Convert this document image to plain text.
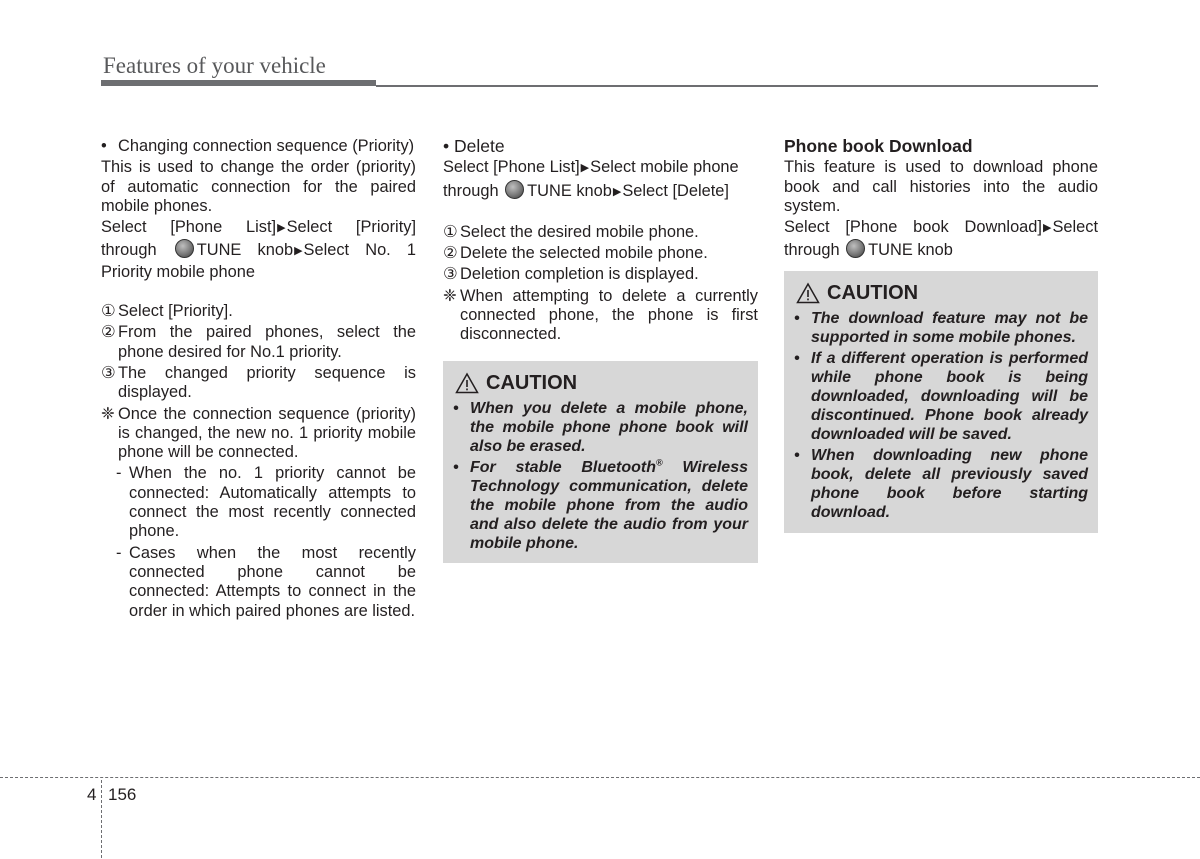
Features of your vehicle
• Changing connection sequence (Priority)

This is used to change the order (priority) of automatic connection for the paired mobile phones.

Select [Phone List]▶Select [Priority] through TUNE knob▶Select No. 1 Priority mobile phone

① Select [Priority].
② From the paired phones, select the phone desired for No.1 priority.
③ The changed priority sequence is displayed.
❈ Once the connection sequence (priority) is changed, the new no. 1 priority mobile phone will be connected.
- When the no. 1 priority cannot be connected: Automatically attempts to connect the most recently connected phone.
- Cases when the most recently connected phone cannot be connected: Attempts to connect in the order in which paired phones are listed.
• Delete

Select [Phone List]▶Select mobile phone through TUNE knob▶Select [Delete]

① Select the desired mobile phone.
② Delete the selected mobile phone.
③ Deletion completion is displayed.
❈ When attempting to delete a currently connected phone, the phone is first disconnected.
CAUTION
• When you delete a mobile phone, the mobile phone phone book will also be erased.
• For stable Bluetooth® Wireless Technology communication, delete the mobile phone from the audio and also delete the audio from your mobile phone.
Phone book Download

This feature is used to download phone book and call histories into the audio system.

Select [Phone book Download]▶Select through TUNE knob

CAUTION
• The download feature may not be supported in some mobile phones.
• If a different operation is performed while phone book is being downloaded, downloading will be discontinued. Phone book already downloaded will be saved.
• When downloading new phone book, delete all previously saved phone book before starting download.
4 156
